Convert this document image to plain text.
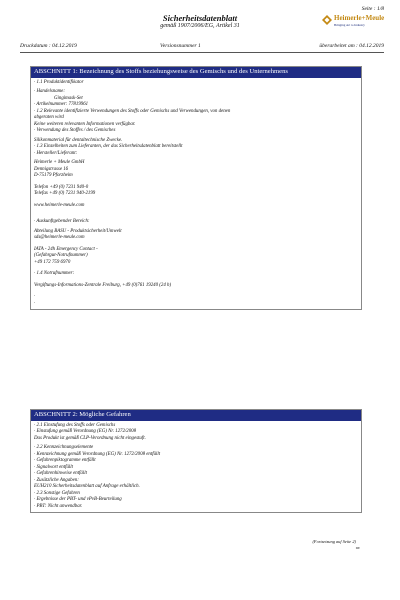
Seite : 1/8
Sicherheitsdatenblatt
gemäß 1907/2006/EG, Artikel 31
Heimerle+Meule
Bringing Art to Industry
Druckdatum : 04.12.2019	Versionsnummer 1	überarbeitet am : 04.12.2019
ABSCHNITT 1: Bezeichnung des Stoffs beziehungsweise des Gemischs und des Unternehmens
· 1.1 Produktidentifikator
· Handelsname:
Gingimask-Set
· Artikelnummer: 77819961
· 1.2 Relevante identifizierte Verwendungen des Stoffs oder Gemischs und Verwendungen, von denen
abgeraten wird
Keine weiteren relevanten Informationen verfügbar.
· Verwendung des Stoffes / des Gemisches
Silikonmaterial für dentaltechnische Zwecke.
· 1.3 Einzelheiten zum Lieferanten, der das Sicherheitsdatenblatt bereitstellt
· Hersteller/Lieferant:
Heimerle + Meule GmbH
Dennigstrasse 16
D-75179 Pforzheim
Telefon +49 (0) 7231 940-0
Telefax +49 (0) 7231 940-2199
www.heimerle-meule.com
· Auskunftgebender Bereich:
Abteilung BASU - Produktsicherheit/Umwelt
sds@heimerle-meule.com
IATA - 24h Emergency Contact -
(Gefahrgut-Notrufnummer)
+49 172 759 6970
· 1.4 Notrufnummer:
Vergiftungs-Informations-Zentrale Freiburg, +49 (0)761 19240 (24 h)
·
·
ABSCHNITT 2: Mögliche Gefahren
· 2.1 Einstufung des Stoffs oder Gemischs
· Einstufung gemäß Verordnung (EG) Nr. 1272/2008
Das Produkt ist gemäß CLP-Verordnung nicht eingestuft.
· 2.2 Kennzeichnungselemente
· Kennzeichnung gemäß Verordnung (EG) Nr. 1272/2008 entfällt
· Gefahrenpiktogramme entfällt
· Signalwort entfällt
· Gefahrenhinweise entfällt
· Zusätzliche Angaben:
EUH210 Sicherheitsdatenblatt auf Anfrage erhältlich.
· 2.3 Sonstige Gefahren
· Ergebnisse der PBT- und vPvB-Beurteilung
· PBT: Nicht anwendbar.
(Fortsetzung auf Seite 2)
DE
